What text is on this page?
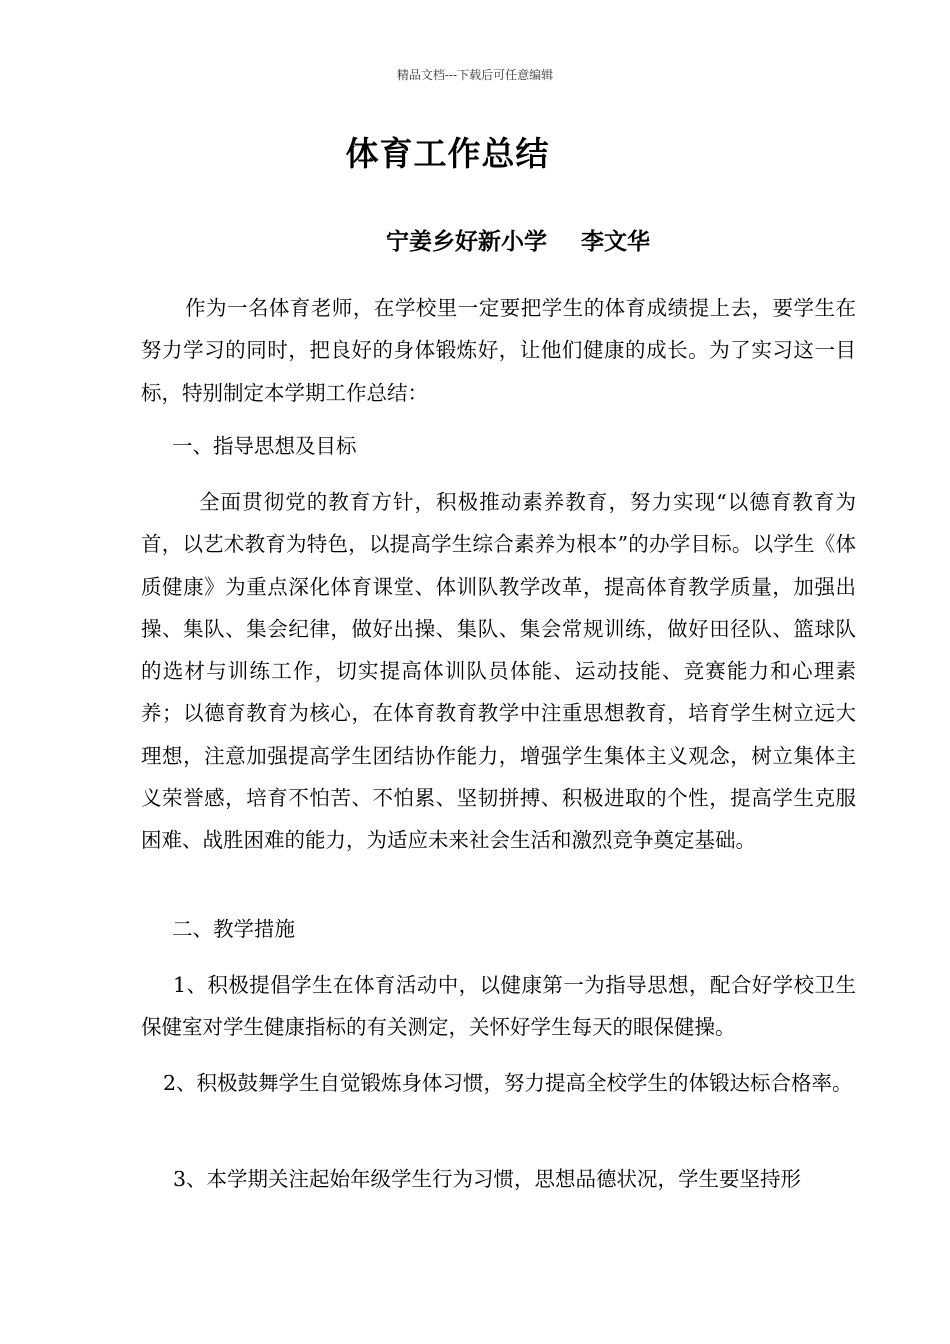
精品文档---下载后可任意编辑
体育工作总结
宁姜乡好新小学 李文华

作为一名体育老师，在学校里一定要把学生的体育成绩提上去，要学生在努力学习的同时，把良好的身体锻炼好，让他们健康的成长。为了实习这一目标，特别制定本学期工作总结：

一、指导思想及目标

全面贯彻党的教育方针，积极推动素养教育，努力实现“以德育教育为首，以艺术教育为特色，以提高学生综合素养为根本”的办学目标。以学生《体质健康》为重点深化体育课堂、体训队教学改革，提高体育教学质量，加强出操、集队、集会纪律，做好出操、集队、集会常规训练，做好田径队、篮球队的选材与训练工作，切实提高体训队员体能、运动技能、竞赛能力和心理素养；以德育教育为核心，在体育教育教学中注重思想教育，培育学生树立远大理想，注意加强提高学生团结协作能力，增强学生集体主义观念，树立集体主义荣誉感，培育不怕苦、不怕累、坚韧拼搏、积极进取的个性，提高学生克服困难、战胜困难的能力，为适应未来社会生活和激烈竞争奠定基础。

二、教学措施

1、积极提倡学生在体育活动中，以健康第一为指导思想，配合好学校卫生保健室对学生健康指标的有关测定，关怀好学生每天的眼保健操。

2、积极鼓舞学生自觉锻炼身体习惯，努力提高全校学生的体锻达标合格率。

3、本学期关注起始年级学生行为习惯，思想品德状况，学生要坚持形
